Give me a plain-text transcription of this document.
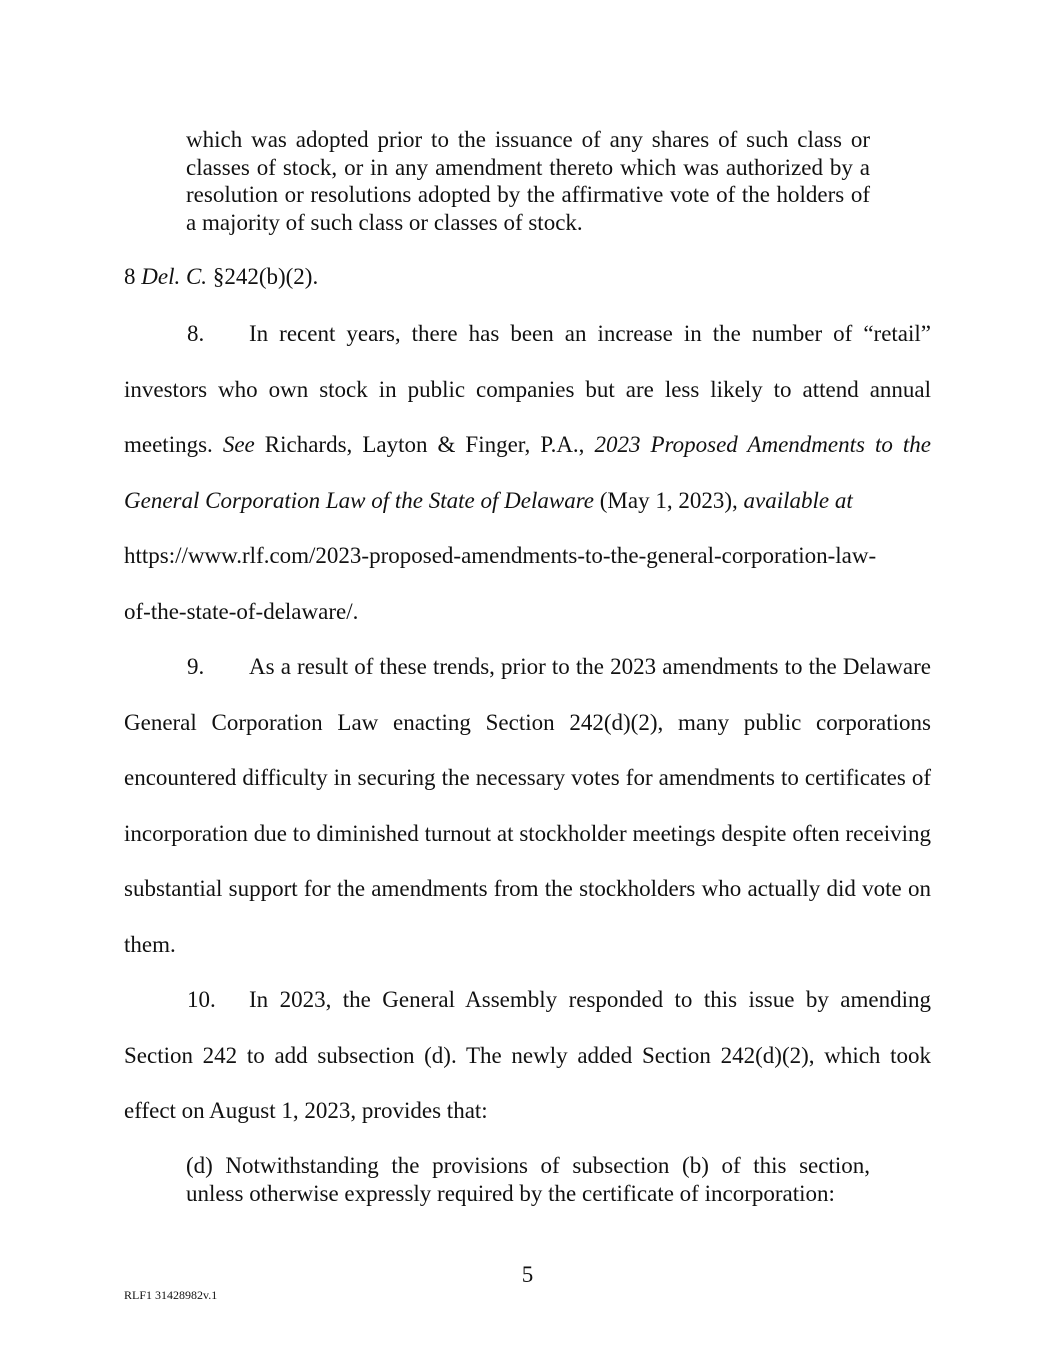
which was adopted prior to the issuance of any shares of such class or classes of stock, or in any amendment thereto which was authorized by a resolution or resolutions adopted by the affirmative vote of the holders of a majority of such class or classes of stock.
8 Del. C. §242(b)(2).
8. In recent years, there has been an increase in the number of “retail” investors who own stock in public companies but are less likely to attend annual meetings. See Richards, Layton & Finger, P.A., 2023 Proposed Amendments to the General Corporation Law of the State of Delaware (May 1, 2023), available at
https://www.rlf.com/2023-proposed-amendments-to-the-general-corporation-law-
of-the-state-of-delaware/.
9. As a result of these trends, prior to the 2023 amendments to the Delaware General Corporation Law enacting Section 242(d)(2), many public corporations encountered difficulty in securing the necessary votes for amendments to certificates of incorporation due to diminished turnout at stockholder meetings despite often receiving substantial support for the amendments from the stockholders who actually did vote on them.
10. In 2023, the General Assembly responded to this issue by amending Section 242 to add subsection (d). The newly added Section 242(d)(2), which took effect on August 1, 2023, provides that:
(d) Notwithstanding the provisions of subsection (b) of this section, unless otherwise expressly required by the certificate of incorporation:
5
RLF1 31428982v.1
